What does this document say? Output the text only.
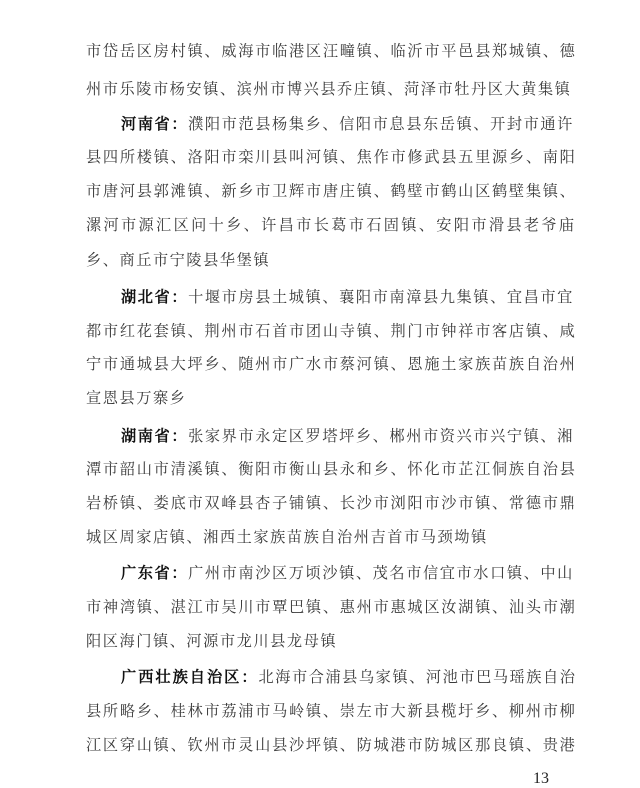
市岱岳区房村镇、威海市临港区汪疃镇、临沂市平邑县郑城镇、德
州市乐陵市杨安镇、滨州市博兴县乔庄镇、菏泽市牡丹区大黄集镇
河南省：濮阳市范县杨集乡、信阳市息县东岳镇、开封市通许
县四所楼镇、洛阳市栾川县叫河镇、焦作市修武县五里源乡、南阳
市唐河县郭滩镇、新乡市卫辉市唐庄镇、鹤壁市鹤山区鹤壁集镇、
漯河市源汇区问十乡、许昌市长葛市石固镇、安阳市滑县老爷庙
乡、商丘市宁陵县华堡镇
湖北省：十堰市房县土城镇、襄阳市南漳县九集镇、宜昌市宜
都市红花套镇、荆州市石首市团山寺镇、荆门市钟祥市客店镇、咸
宁市通城县大坪乡、随州市广水市蔡河镇、恩施土家族苗族自治州
宣恩县万寨乡
湖南省：张家界市永定区罗塔坪乡、郴州市资兴市兴宁镇、湘
潭市韶山市清溪镇、衡阳市衡山县永和乡、怀化市芷江侗族自治县
岩桥镇、娄底市双峰县杏子铺镇、长沙市浏阳市沙市镇、常德市鼎
城区周家店镇、湘西土家族苗族自治州吉首市马颈坳镇
广东省：广州市南沙区万顷沙镇、茂名市信宜市水口镇、中山
市神湾镇、湛江市吴川市覃巴镇、惠州市惠城区汝湖镇、汕头市潮
阳区海门镇、河源市龙川县龙母镇
广西壮族自治区：北海市合浦县乌家镇、河池市巴马瑶族自治
县所略乡、桂林市荔浦市马岭镇、崇左市大新县榄圩乡、柳州市柳
江区穿山镇、钦州市灵山县沙坪镇、防城港市防城区那良镇、贵港
13
